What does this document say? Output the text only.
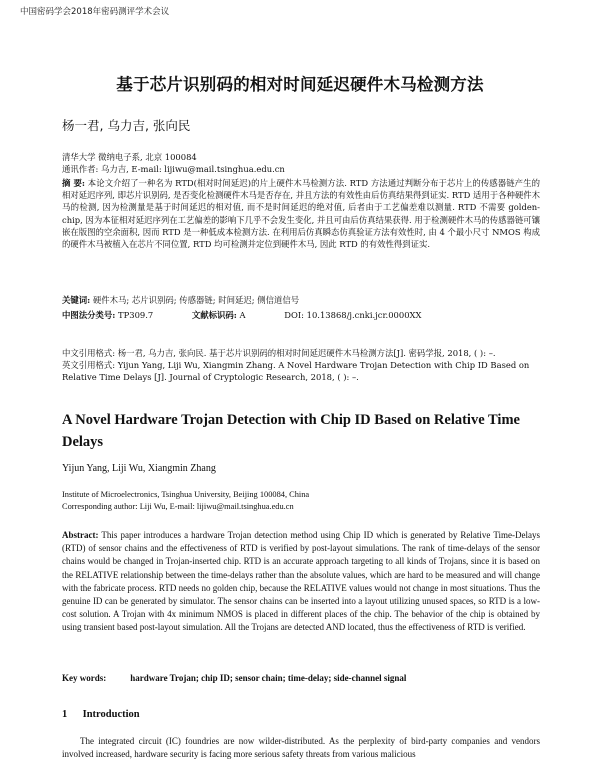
中国密码学会2018年密码测评学术会议
基于芯片识别码的相对时间延迟硬件木马检测方法
杨一君, 乌力吉, 张向民
清华大学 微纳电子系, 北京 100084
通讯作者: 乌力吉, E-mail: lijiwu@mail.tsinghua.edu.cn
摘 要: 本论文介绍了一种名为 RTD(相对时间延迟)的片上硬件木马检测方法. RTD 方法通过判断分布于芯片上的传感器链产生的相对延迟序列, 即芯片识别码, 是否变化检测硬件木马是否存在, 并且方法的有效性由后仿真结果得到证实. RTD 适用于各种硬件木马的检测, 因为检测量是基于时间延迟的相对值, 而不是时间延迟的绝对值, 后者由于工艺偏差难以测量. RTD 不需要 golden-chip, 因为本征相对延迟序列在工艺偏差的影响下几乎不会发生变化, 并且可由后仿真结果获得. 用于检测硬件木马的传感器链可镶嵌在版图的空余面积, 因而 RTD 是一种低成本检测方法. 在利用后仿真瞬态仿真验证方法有效性时, 由 4 个最小尺寸 NMOS 构成的硬件木马被植入在芯片不同位置, RTD 均可检测并定位到硬件木马, 因此 RTD 的有效性得到证实.
关键词: 硬件木马; 芯片识别码; 传感器链; 时间延迟; 侧信道信号
中图法分类号: TP309.7	文献标识码: A	DOI: 10.13868/j.cnki.jcr.0000XX
中文引用格式: 杨一君, 乌力吉, 张向民. 基于芯片识别码的相对时间延迟硬件木马检测方法[J]. 密码学报, 2018, ( ): –.
英文引用格式: Yijun Yang, Liji Wu, Xiangmin Zhang. A Novel Hardware Trojan Detection with Chip ID Based on Relative Time Delays [J]. Journal of Cryptologic Research, 2018, ( ): –.
A Novel Hardware Trojan Detection with Chip ID Based on Relative Time Delays
Yijun Yang, Liji Wu, Xiangmin Zhang
Institute of Microelectronics, Tsinghua University, Beijing 100084, China
Corresponding author: Liji Wu, E-mail: lijiwu@mail.tsinghua.edu.cn
Abstract: This paper introduces a hardware Trojan detection method using Chip ID which is generated by Relative Time-Delays (RTD) of sensor chains and the effectiveness of RTD is verified by post-layout simulations. The rank of time-delays of the sensor chains would be changed in Trojan-inserted chip. RTD is an accurate approach targeting to all kinds of Trojans, since it is based on the RELATIVE relationship between the time-delays rather than the absolute values, which are hard to be measured and will change with the fabricate process. RTD needs no golden chip, because the RELATIVE values would not change in most situations. Thus the genuine ID can be generated by simulator. The sensor chains can be inserted into a layout utilizing unused spaces, so RTD is a low-cost solution. A Trojan with 4x minimum NMOS is placed in different places of the chip. The behavior of the chip is obtained by using transient based post-layout simulation. All the Trojans are detected AND located, thus the effectiveness of RTD is verified.
Key words:	hardware Trojan; chip ID; sensor chain; time-delay; side-channel signal
1 Introduction
The integrated circuit (IC) foundries are now wilder-distributed. As the perplexity of bird-party companies and vendors involved increased, hardware security is facing more serious safety threats from various malicious
